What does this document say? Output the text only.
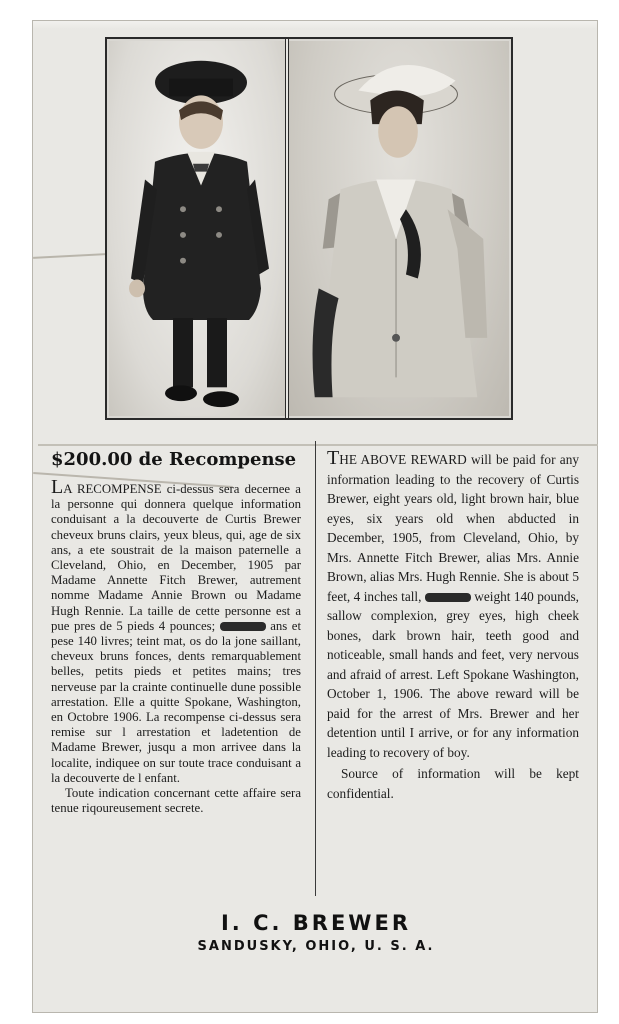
$200.00 de Recompense

LA RECOMPENSE ci-dessus sera decernee a la personne qui donnera quelque information conduisant a la decouverte de Curtis Brewer cheveux bruns clairs, yeux bleus, qui, age de six ans, a ete soustrait de la maison paternelle a Cleveland, Ohio, en December, 1905 par Madame Annette Fitch Brewer, autrement nomme Madame Annie Brown ou Madame Hugh Rennie. La taille de cette personne est a pue pres de 5 pieds 4 pounces;	ans et pese 140 livres; teint mat, os do la jone saillant, cheveux bruns fonces, dents remarquablement belles, petits pieds et petites mains; tres nerveuse par la crainte continuelle dune possible arrestation. Elle a quitte Spokane, Washington, en Octobre 1906. La recompense ci-dessus sera remise sur l arrestation et ladetention de Madame Brewer, jusqu a mon arrivee dans la localite, indiquee on sur toute trace conduisant a la decouverte de l enfant.

Toute indication concernant cette affaire sera tenue riqoureusement secrete.

THE ABOVE REWARD will be paid for any information leading to the recovery of Curtis Brewer, eight years old, light brown hair, blue eyes, six years old when abducted in December, 1905, from Cleveland, Ohio, by Mrs. Annette Fitch Brewer, alias Mrs. Annie Brown, alias Mrs. Hugh Rennie. She is about 5 feet, 4 inches tall,	weight 140 pounds, sallow complexion, grey eyes, high cheek bones, dark brown hair, teeth good and noticeable, small hands and feet, very nervous and afraid of arrest. Left Spokane Washington, October 1, 1906. The above reward will be paid for the arrest of Mrs. Brewer and her detention until I arrive, or for any information leading to recovery of boy.

Source of information will be kept confidential.

I. C. BREWER
SANDUSKY, OHIO, U. S. A.
